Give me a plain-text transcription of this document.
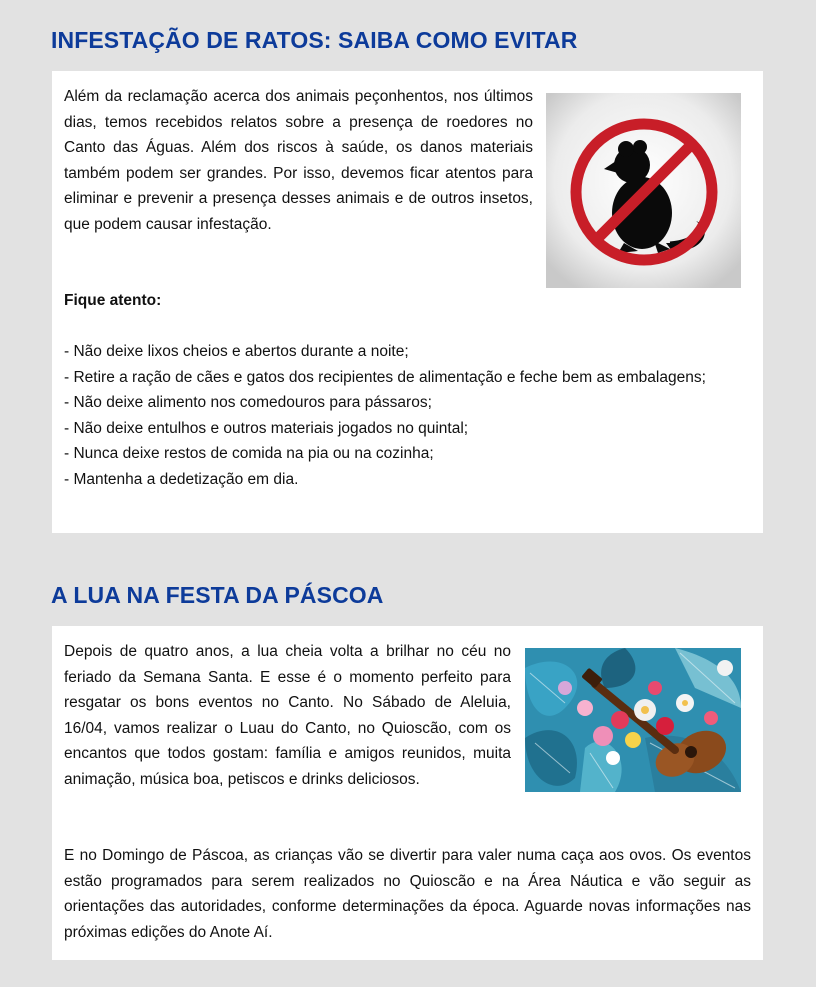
INFESTAÇÃO DE RATOS: SAIBA COMO EVITAR

Além da reclamação acerca dos animais peçonhentos, nos últimos dias, temos recebidos relatos sobre a presença de roedores no Canto das Águas. Além dos riscos à saúde, os danos materiais também podem ser grandes. Por isso, devemos ficar atentos para eliminar e prevenir a presença desses animais e de outros insetos, que podem causar infestação.

Fique atento:

- Não deixe lixos cheios e abertos durante a noite;
- Retire a ração de cães e gatos dos recipientes de alimentação e feche bem as embalagens;
- Não deixe alimento nos comedouros para pássaros;
- Não deixe entulhos e outros materiais jogados no quintal;
- Nunca deixe restos de comida na pia ou na cozinha;
- Mantenha a dedetização em dia.
A LUA NA FESTA DA PÁSCOA

Depois de quatro anos, a lua cheia volta a brilhar no céu no feriado da Semana Santa. E esse é o momento perfeito para resgatar os bons eventos no Canto. No Sábado de Aleluia, 16/04, vamos realizar o Luau do Canto, no Quioscão, com os encantos que todos gostam: família e amigos reunidos, muita animação, música boa, petiscos e drinks deliciosos.

E no Domingo de Páscoa, as crianças vão se divertir para valer numa caça aos ovos. Os eventos estão programados para serem realizados no Quioscão e na Área Náutica e vão seguir as orientações das autoridades, conforme determinações da época. Aguarde novas informações nas próximas edições do Anote Aí.
